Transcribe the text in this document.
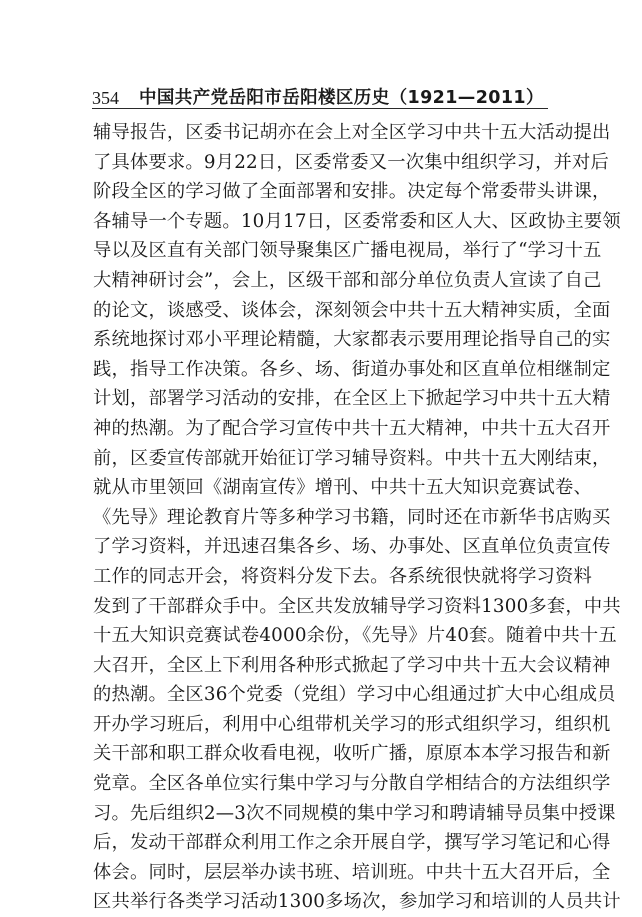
354 中国共产党岳阳市岳阳楼区历史（1921—2011）
辅导报告，区委书记胡亦在会上对全区学习中共十五大活动提出
了具体要求。9月22日，区委常委又一次集中组织学习，并对后
阶段全区的学习做了全面部署和安排。决定每个常委带头讲课，
各辅导一个专题。10月17日，区委常委和区人大、区政协主要领
导以及区直有关部门领导聚集区广播电视局，举行了“学习十五
大精神研讨会”，会上，区级干部和部分单位负责人宣读了自己
的论文，谈感受、谈体会，深刻领会中共十五大精神实质，全面
系统地探讨邓小平理论精髓，大家都表示要用理论指导自己的实
践，指导工作决策。各乡、场、街道办事处和区直单位相继制定
计划，部署学习活动的安排，在全区上下掀起学习中共十五大精
神的热潮。为了配合学习宣传中共十五大精神，中共十五大召开
前，区委宣传部就开始征订学习辅导资料。中共十五大刚结束，
就从市里领回《湖南宣传》增刊、中共十五大知识竞赛试卷、
《先导》理论教育片等多种学习书籍，同时还在市新华书店购买
了学习资料，并迅速召集各乡、场、办事处、区直单位负责宣传
工作的同志开会，将资料分发下去。各系统很快就将学习资料
发到了干部群众手中。全区共发放辅导学习资料1300多套，中共
十五大知识竞赛试卷4000余份，《先导》片40套。随着中共十五
大召开，全区上下利用各种形式掀起了学习中共十五大会议精神
的热潮。全区36个党委（党组）学习中心组通过扩大中心组成员
开办学习班后，利用中心组带机关学习的形式组织学习，组织机
关干部和职工群众收看电视，收听广播，原原本本学习报告和新
党章。全区各单位实行集中学习与分散自学相结合的方法组织学
习。先后组织2—3次不同规模的集中学习和聘请辅导员集中授课
后，发动干部群众利用工作之余开展自学，撰写学习笔记和心得
体会。同时，层层举办读书班、培训班。中共十五大召开后，全
区共举行各类学习活动1300多场次，参加学习和培训的人员共计
